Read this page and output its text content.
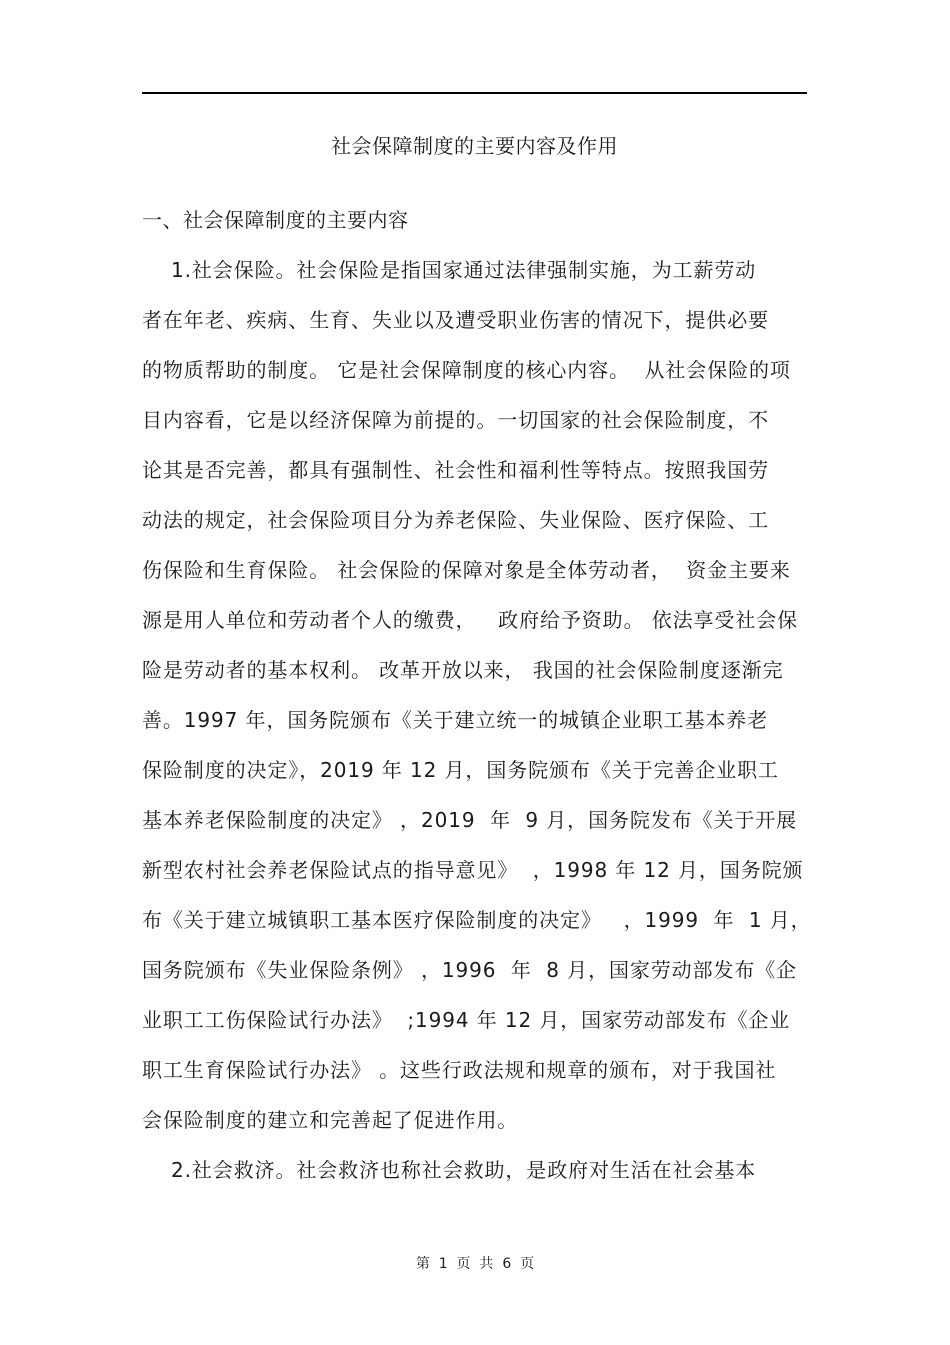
社会保障制度的主要内容及作用
一、社会保障制度的主要内容
1.社会保险。社会保险是指国家通过法律强制实施，为工薪劳动
者在年老、疾病、生育、失业以及遭受职业伤害的情况下，提供必要
的物质帮助的制度。 它是社会保障制度的核心内容。  从社会保险的项
目内容看，它是以经济保障为前提的。一切国家的社会保险制度，不
论其是否完善，都具有强制性、社会性和福利性等特点。按照我国劳
动法的规定，社会保险项目分为养老保险、失业保险、医疗保险、工
伤保险和生育保险。 社会保险的保障对象是全体劳动者，  资金主要来
源是用人单位和劳动者个人的缴费，   政府给予资助。 依法享受社会保
险是劳动者的基本权利。 改革开放以来， 我国的社会保险制度逐渐完
善。1997 年，国务院颁布《关于建立统一的城镇企业职工基本养老
保险制度的决定》，2019 年 12 月，国务院颁布《关于完善企业职工
基本养老保险制度的决定》 ，2019  年  9 月，国务院发布《关于开展
新型农村社会养老保险试点的指导意见》  ，1998 年 12 月，国务院颁
布《关于建立城镇职工基本医疗保险制度的决定》   ，1999  年  1 月，
国务院颁布《失业保险条例》 ，1996  年  8 月，国家劳动部发布《企
业职工工伤保险试行办法》  ;1994 年 12 月，国家劳动部发布《企业
职工生育保险试行办法》 。这些行政法规和规章的颁布，对于我国社
会保险制度的建立和完善起了促进作用。
2.社会救济。社会救济也称社会救助，是政府对生活在社会基本
第  1  页  共  6  页
